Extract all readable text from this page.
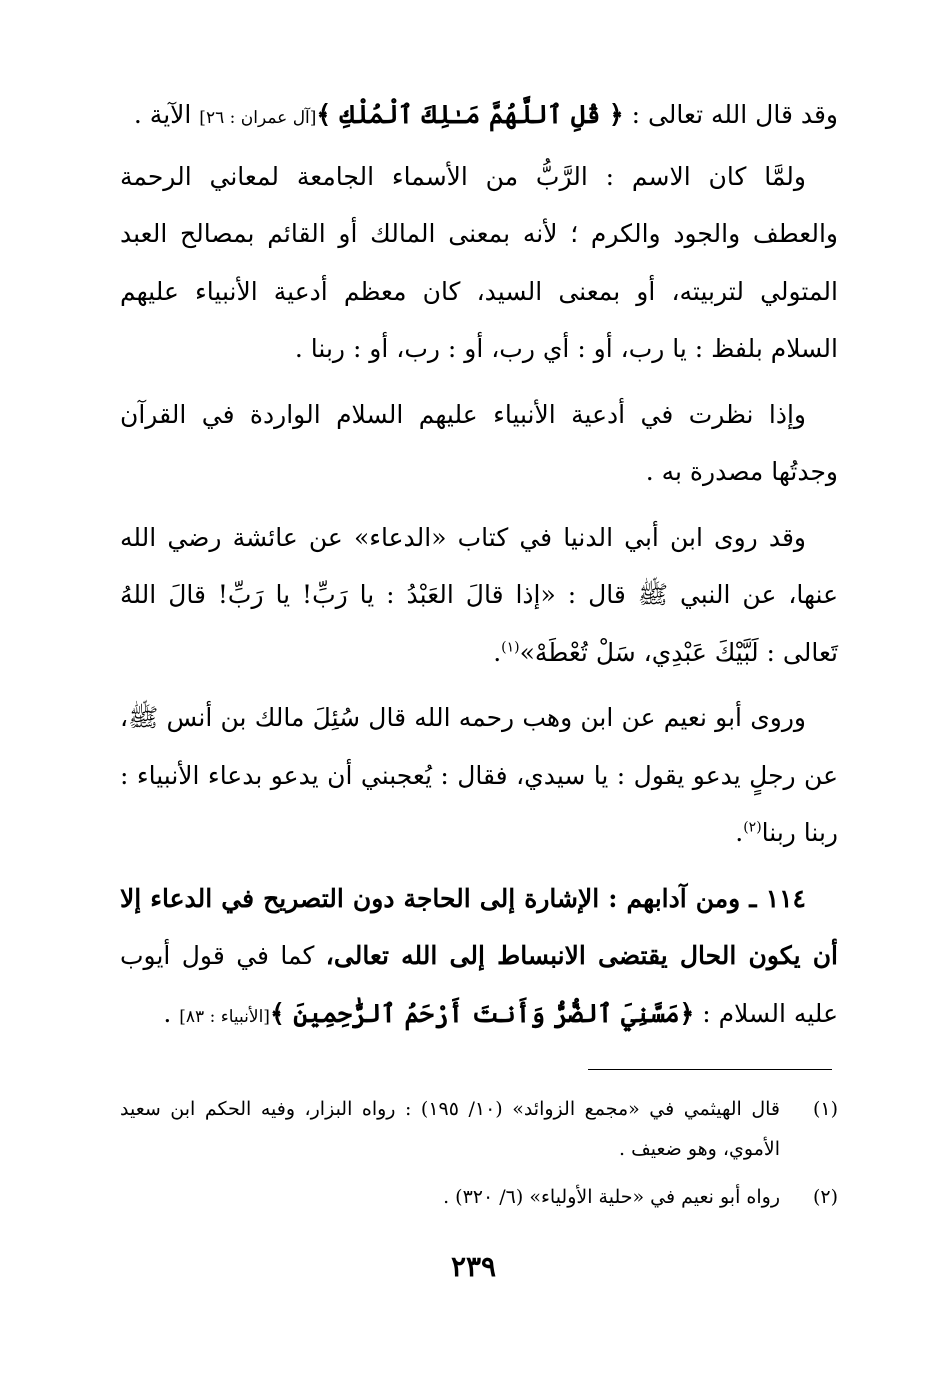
وقد قال الله تعالى : ﴿ قُلِ ٱللَّهُمَّ مَـٰلِكَ ٱلْمُلْكِ ﴾[آل عمران : ٢٦] الآية .

ولمَّا كان الاسم : الرَّبُّ من الأسماء الجامعة لمعاني الرحمة والعطف والجود والكرم ؛ لأنه بمعنى المالك أو القائم بمصالح العبد المتولي لتربيته، أو بمعنى السيد، كان معظم أدعية الأنبياء عليهم السلام بلفظ : يا رب، أو : أي رب، أو : رب، أو : ربنا .

وإذا نظرت في أدعية الأنبياء عليهم السلام الواردة في القرآن وجدتُها مصدرة به .

وقد روى ابن أبي الدنيا في كتاب «الدعاء» عن عائشة رضي الله عنها، عن النبي ﷺ قال : «إذا قالَ العَبْدُ : يا رَبِّ! يا رَبِّ! قالَ اللهُ تَعالى : لَبَّيْكَ عَبْدِي، سَلْ تُعْطَهْ»$^{(١)}$.

وروى أبو نعيم عن ابن وهب رحمه الله قال سُئِلَ مالك بن أنس ﷺ، عن رجلٍ يدعو يقول : يا سيدي، فقال : يُعجبني أن يدعو بدعاء الأنبياء : ربنا ربنا$^{(٢)}$.

١١٤ ـ ومن آدابهم : الإشارة إلى الحاجة دون التصريح في الدعاء إلا أن يكون الحال يقتضى الانبساط إلى الله تعالى، كما في قول أيوب عليه السلام : ﴿مَسَّنِيَ ٱلضُّرُّ وَأَنتَ أَرْحَمُ ٱلرَّٰحِمِينَ ﴾[الأنبياء : ٨٣] .

(١)
قال الهيثمي في «مجمع الزوائد» (١٠/ ١٩٥) : رواه البزار، وفيه الحكم ابن سعيد الأموي، وهو ضعيف .

(٢)
رواه أبو نعيم في «حلية الأولياء» (٦/ ٣٢٠) .

٢٣٩
